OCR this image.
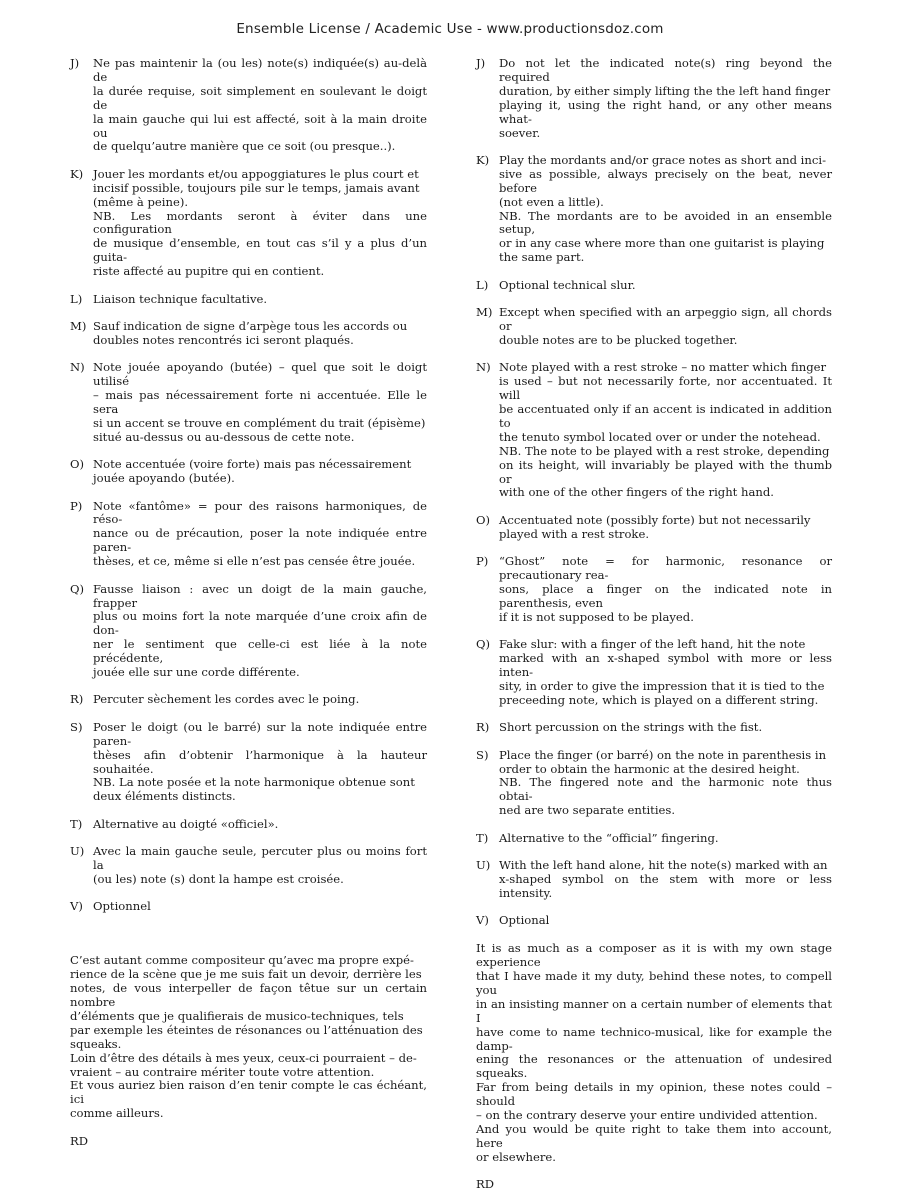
Ensemble License / Academic Use - www.productionsdoz.com
J)	Ne pas maintenir la (ou les) note(s) indiquée(s) au-delà de
la durée requise, soit simplement en soulevant le doigt de
la main gauche qui lui est affecté, soit à la main droite ou
de quelqu’autre manière que ce soit (ou presque..).
K) Jouer les mordants et/ou appoggiatures le plus court et
incisif possible, toujours pile sur le temps, jamais avant
(même à peine).
NB. Les mordants seront à éviter dans une configuration
de musique d’ensemble, en tout cas s’il y a plus d’un guita-
riste affecté au pupitre qui en contient.
L) Liaison technique facultative.
M) Sauf indication de signe d’arpège tous les accords ou
doubles notes rencontrés ici seront plaqués.
N) Note jouée apoyando (butée) – quel que soit le doigt utilisé
– mais pas nécessairement forte ni accentuée. Elle le sera
si un accent se trouve en complément du trait (épisème)
situé au-dessus ou au-dessous de cette note.
O) Note accentuée (voire forte) mais pas nécessairement
jouée apoyando (butée).
P) Note «fantôme» = pour des raisons harmoniques, de réso-
nance ou de précaution, poser la note indiquée entre paren-
thèses, et ce, même si elle n’est pas censée être jouée.
Q) Fausse liaison : avec un doigt de la main gauche, frapper
plus ou moins fort la note marquée d’une croix afin de don-
ner le sentiment que celle-ci est liée à la note précédente,
jouée elle sur une corde différente.
R) Percuter sèchement les cordes avec le poing.
S) Poser le doigt (ou le barré) sur la note indiquée entre paren-
thèses afin d’obtenir l’harmonique à la hauteur souhaitée.
NB. La note posée et la note harmonique obtenue sont
deux éléments distincts.
T) Alternative au doigté «officiel».
U) Avec la main gauche seule, percuter plus ou moins fort la
(ou les) note (s) dont la hampe est croisée.
V) Optionnel
C’est autant comme compositeur qu’avec ma propre expé-
rience de la scène que je me suis fait un devoir, derrière les
notes, de vous interpeller de façon têtue sur un certain nombre
d’éléments que je qualifierais de musico-techniques, tels
par exemple les éteintes de résonances ou l’atténuation des
squeaks.
Loin d’être des détails à mes yeux, ceux-ci pourraient – de-
vraient – au contraire mériter toute votre attention.
Et vous auriez bien raison d’en tenir compte le cas échéant, ici
comme ailleurs.
RD
J)	Do not let the indicated note(s) ring beyond the required
duration, by either simply lifting the the left hand finger
playing it, using the right hand, or any other means what-
soever.
K) Play the mordants and/or grace notes as short and inci-
sive as possible, always precisely on the beat, never before
(not even a little).
NB. The mordants are to be avoided in an ensemble setup,
or in any case where more than one guitarist is playing
the same part.
L) Optional technical slur.
M) Except when specified with an arpeggio sign, all chords or
double notes are to be plucked together.
N) Note played with a rest stroke – no matter which finger
is used – but not necessarily forte, nor accentuated. It will
be accentuated only if an accent is indicated in addition to
the tenuto symbol located over or under the notehead.
NB. The note to be played with a rest stroke, depending
on its height, will invariably be played with the thumb or
with one of the other fingers of the right hand.
O) Accentuated note (possibly forte) but not necessarily
played with a rest stroke.
P) “Ghost” note = for harmonic, resonance or precautionary rea-
sons, place a finger on the indicated note in parenthesis, even
if it is not supposed to be played.
Q) Fake slur: with a finger of the left hand, hit the note
marked with an x-shaped symbol with more or less inten-
sity, in order to give the impression that it is tied to the
preceeding note, which is played on a different string.
R) Short percussion on the strings with the fist.
S) Place the finger (or barré) on the note in parenthesis in
order to obtain the harmonic at the desired height.
NB. The fingered note and the harmonic note thus obtai-
ned are two separate entities.
T) Alternative to the “official” fingering.
U) With the left hand alone, hit the note(s) marked with an
x-shaped symbol on the stem with more or less intensity.
V) Optional
It is as much as a composer as it is with my own stage experience
that I have made it my duty, behind these notes, to compell you
in an insisting manner on a certain number of elements that I
have come to name technico-musical, like for example the damp-
ening the resonances or the attenuation of undesired squeaks.
Far from being details in my opinion, these notes could – should
– on the contrary deserve your entire undivided attention.
And you would be quite right to take them into account, here
or elsewhere.
RD
